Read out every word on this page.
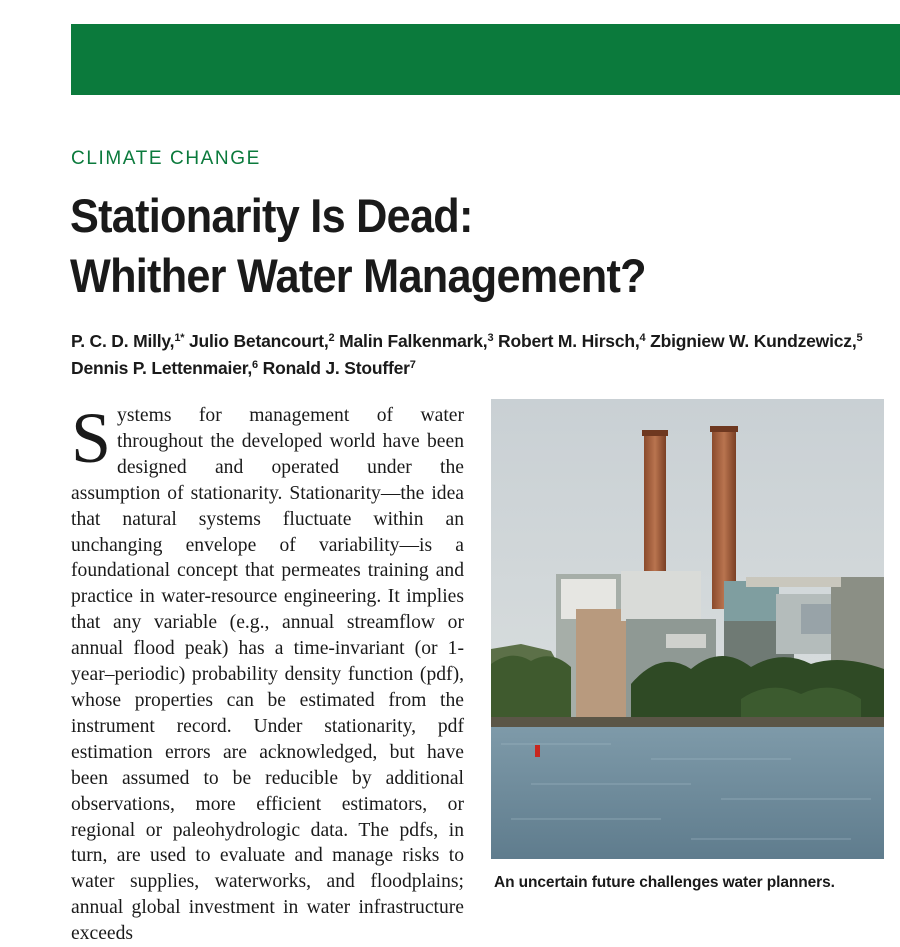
CLIMATE CHANGE
Stationarity Is Dead:
Whither Water Management?
P. C. D. Milly,$^{1*}$ Julio Betancourt,$^2$ Malin Falkenmark,$^3$ Robert M. Hirsch,$^4$ Zbigniew W. Kundzewicz,$^5$ Dennis P. Lettenmaier,$^6$ Ronald J. Stouffer$^7$
Systems for management of water throughout the developed world have been designed and operated under the assumption of stationarity. Stationarity—the idea that natural systems fluctuate within an unchanging envelope of variability—is a foundational concept that permeates training and practice in water-resource engineering. It implies that any variable (e.g., annual streamflow or annual flood peak) has a time-invariant (or 1-year–periodic) probability density function (pdf), whose properties can be estimated from the instrument record. Under stationarity, pdf estimation errors are acknowledged, but have been assumed to be reducible by additional observations, more efficient estimators, or regional or paleohydrologic data. The pdfs, in turn, are used to evaluate and manage risks to water supplies, waterworks, and floodplains; annual global investment in water infrastructure exceeds
An uncertain future challenges water planners.
